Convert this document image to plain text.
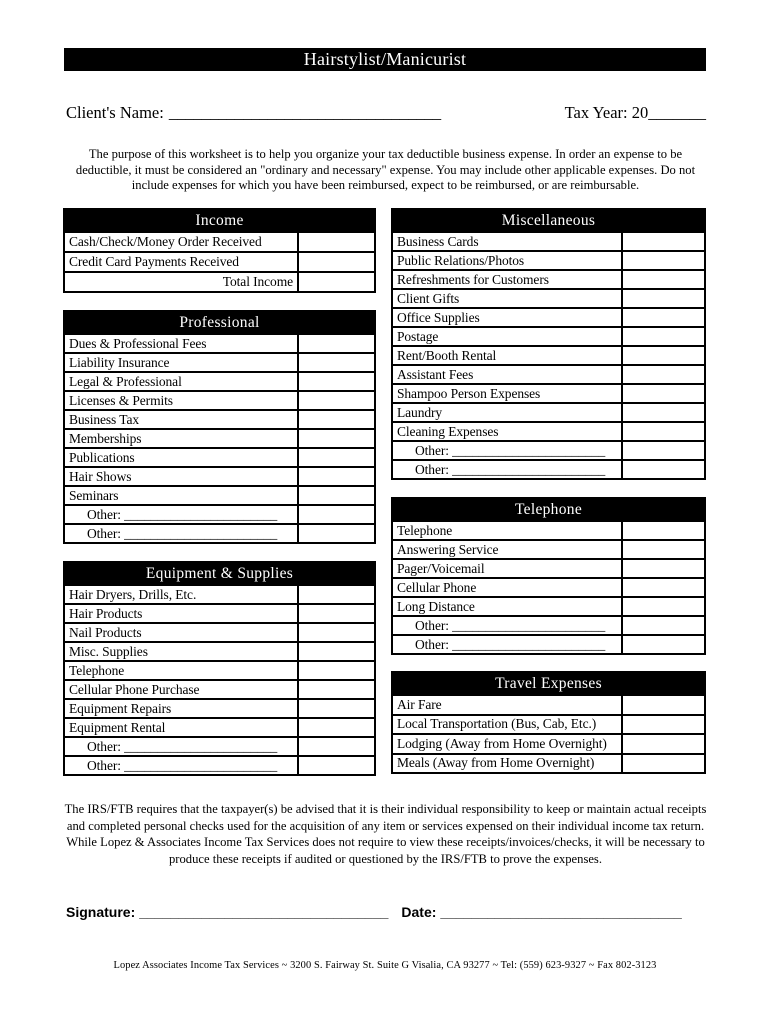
Hairstylist/Manicurist
Client's Name: _________________________________	Tax Year: 20_______

The purpose of this worksheet is to help you organize your tax deductible business expense. In order an expense to be deductible, it must be considered an "ordinary and necessary" expense. You may include other applicable expenses. Do not include expenses for which you have been reimbursed, expect to be reimbursed, or are reimbursable.

Income
Cash/Check/Money Order Received
Credit Card Payments Received
Total Income
Professional
Dues & Professional Fees
Liability Insurance
Legal & Professional
Licenses & Permits
Business Tax
Memberships
Publications
Hair Shows
Seminars
Other: _______________________
Other: _______________________
Equipment & Supplies
Hair Dryers, Drills, Etc.
Hair Products
Nail Products
Misc. Supplies
Telephone
Cellular Phone Purchase
Equipment Repairs
Equipment Rental
Other: _______________________
Other: _______________________
Miscellaneous
Business Cards
Public Relations/Photos
Refreshments for Customers
Client Gifts
Office Supplies
Postage
Rent/Booth Rental
Assistant Fees
Shampoo Person Expenses
Laundry
Cleaning Expenses
Other: _______________________
Other: _______________________
Telephone
Telephone
Answering Service
Pager/Voicemail
Cellular Phone
Long Distance
Other: _______________________
Other: _______________________
Travel Expenses
Air Fare
Local Transportation (Bus, Cab, Etc.)
Lodging (Away from Home Overnight)
Meals (Away from Home Overnight)

The IRS/FTB requires that the taxpayer(s) be advised that it is their individual responsibility to keep or maintain actual receipts and completed personal checks used for the acquisition of any item or services expensed on their individual income tax return. While Lopez & Associates Income Tax Services does not require to view these receipts/invoices/checks, it will be necessary to produce these receipts if audited or questioned by the IRS/FTB to prove the expenses.

Signature: ________________________________ Date: _______________________________
Lopez Associates Income Tax Services ~ 3200 S. Fairway St. Suite G Visalia, CA 93277 ~ Tel: (559) 623-9327 ~ Fax 802-3123
